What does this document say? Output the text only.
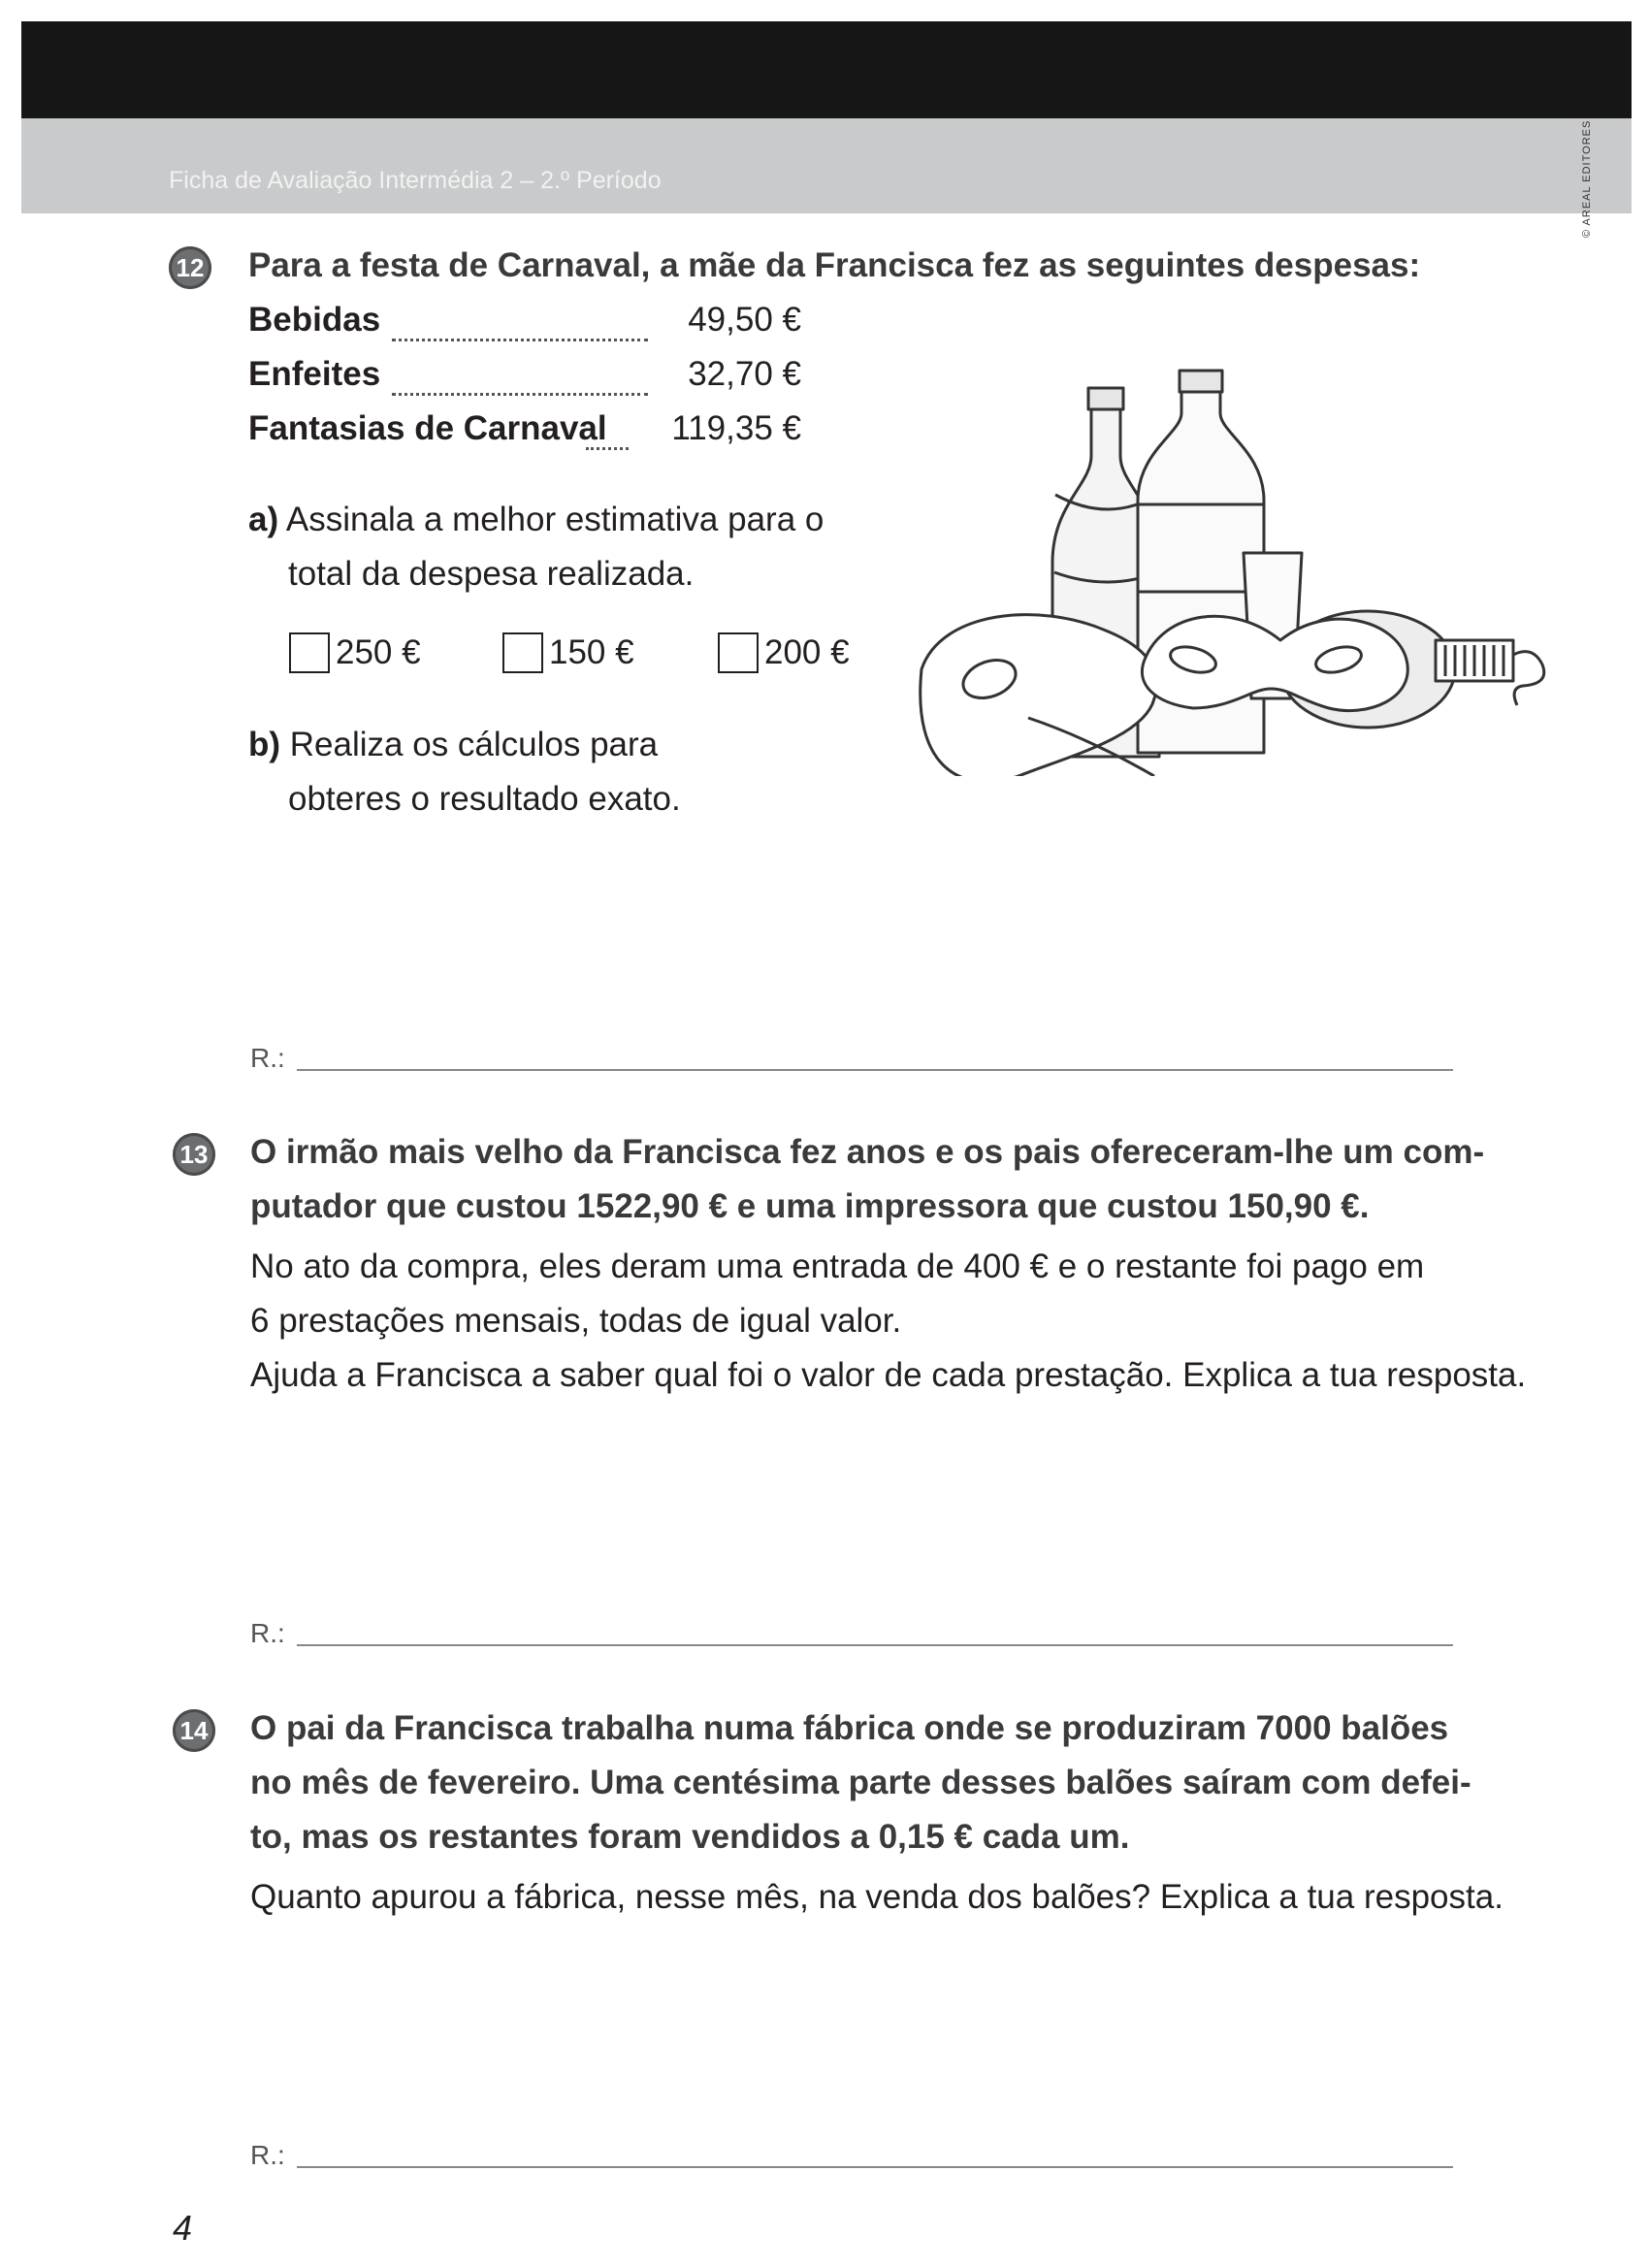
Ficha de Avaliação Intermédia 2 – 2.º Período	© AREAL EDITORES
12 Para a festa de Carnaval, a mãe da Francisca fez as seguintes despesas:
Bebidas	49,50 €
Enfeites	32,70 €
Fantasias de Carnaval 119,35 €
a) Assinala a melhor estimativa para o
total da despesa realizada.
250 €	150 €	200 €
b) Realiza os cálculos para
obteres o resultado exato.
R.:
13 O irmão mais velho da Francisca fez anos e os pais ofereceram-lhe um com-
putador que custou 1522,90 € e uma impressora que custou 150,90 €.
No ato da compra, eles deram uma entrada de 400 € e o restante foi pago em
6 prestações mensais, todas de igual valor.
Ajuda a Francisca a saber qual foi o valor de cada prestação. Explica a tua resposta.
R.:
14 O pai da Francisca trabalha numa fábrica onde se produziram 7000 balões
no mês de fevereiro. Uma centésima parte desses balões saíram com defei-
to, mas os restantes foram vendidos a 0,15 € cada um.
Quanto apurou a fábrica, nesse mês, na venda dos balões? Explica a tua resposta.
R.:
4
